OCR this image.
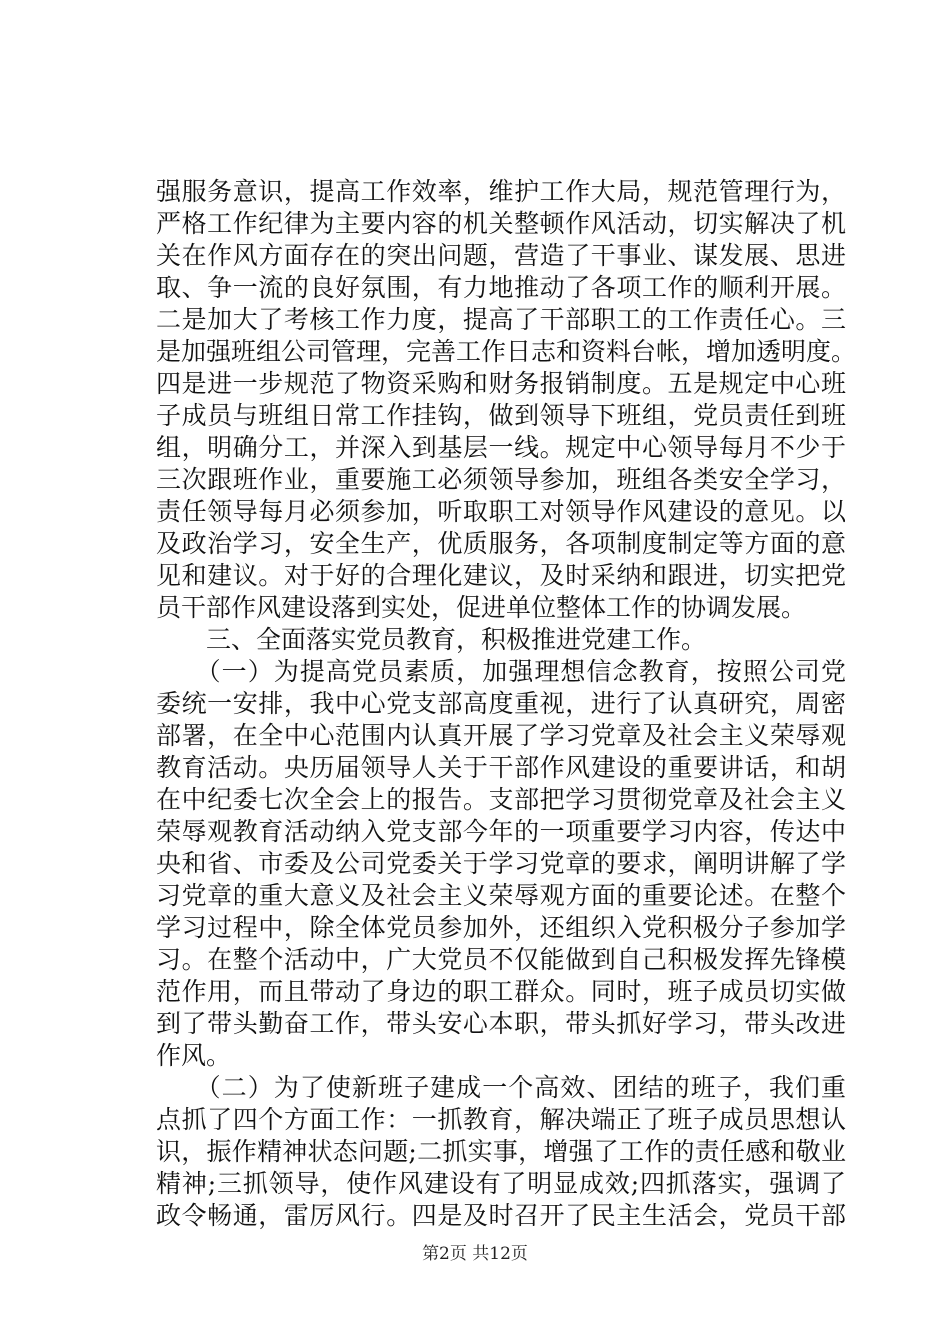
强服务意识，提高工作效率，维护工作大局，规范管理行为，
严格工作纪律为主要内容的机关整顿作风活动，切实解决了机
关在作风方面存在的突出问题，营造了干事业、谋发展、思进
取、争一流的良好氛围，有力地推动了各项工作的顺利开展。
二是加大了考核工作力度，提高了干部职工的工作责任心。三
是加强班组公司管理，完善工作日志和资料台帐，增加透明度。
四是进一步规范了物资采购和财务报销制度。五是规定中心班
子成员与班组日常工作挂钩，做到领导下班组，党员责任到班
组，明确分工，并深入到基层一线。规定中心领导每月不少于
三次跟班作业，重要施工必须领导参加，班组各类安全学习，
责任领导每月必须参加，听取职工对领导作风建设的意见。以
及政治学习，安全生产，优质服务，各项制度制定等方面的意
见和建议。对于好的合理化建议，及时采纳和跟进，切实把党
员干部作风建设落到实处，促进单位整体工作的协调发展。
　　三、全面落实党员教育，积极推进党建工作。
　　（一）为提高党员素质，加强理想信念教育，按照公司党
委统一安排，我中心党支部高度重视，进行了认真研究，周密
部署，在全中心范围内认真开展了学习党章及社会主义荣辱观
教育活动。央历届领导人关于干部作风建设的重要讲话，和胡
在中纪委七次全会上的报告。支部把学习贯彻党章及社会主义
荣辱观教育活动纳入党支部今年的一项重要学习内容，传达中
央和省、市委及公司党委关于学习党章的要求，阐明讲解了学
习党章的重大意义及社会主义荣辱观方面的重要论述。在整个
学习过程中，除全体党员参加外，还组织入党积极分子参加学
习。在整个活动中，广大党员不仅能做到自己积极发挥先锋模
范作用，而且带动了身边的职工群众。同时，班子成员切实做
到了带头勤奋工作，带头安心本职，带头抓好学习，带头改进
作风。
　　（二）为了使新班子建成一个高效、团结的班子，我们重
点抓了四个方面工作：一抓教育，解决端正了班子成员思想认
识，振作精神状态问题;二抓实事，增强了工作的责任感和敬业
精神;三抓领导，使作风建设有了明显成效;四抓落实，强调了
政令畅通，雷厉风行。四是及时召开了民主生活会，党员干部
第2页 共12页
